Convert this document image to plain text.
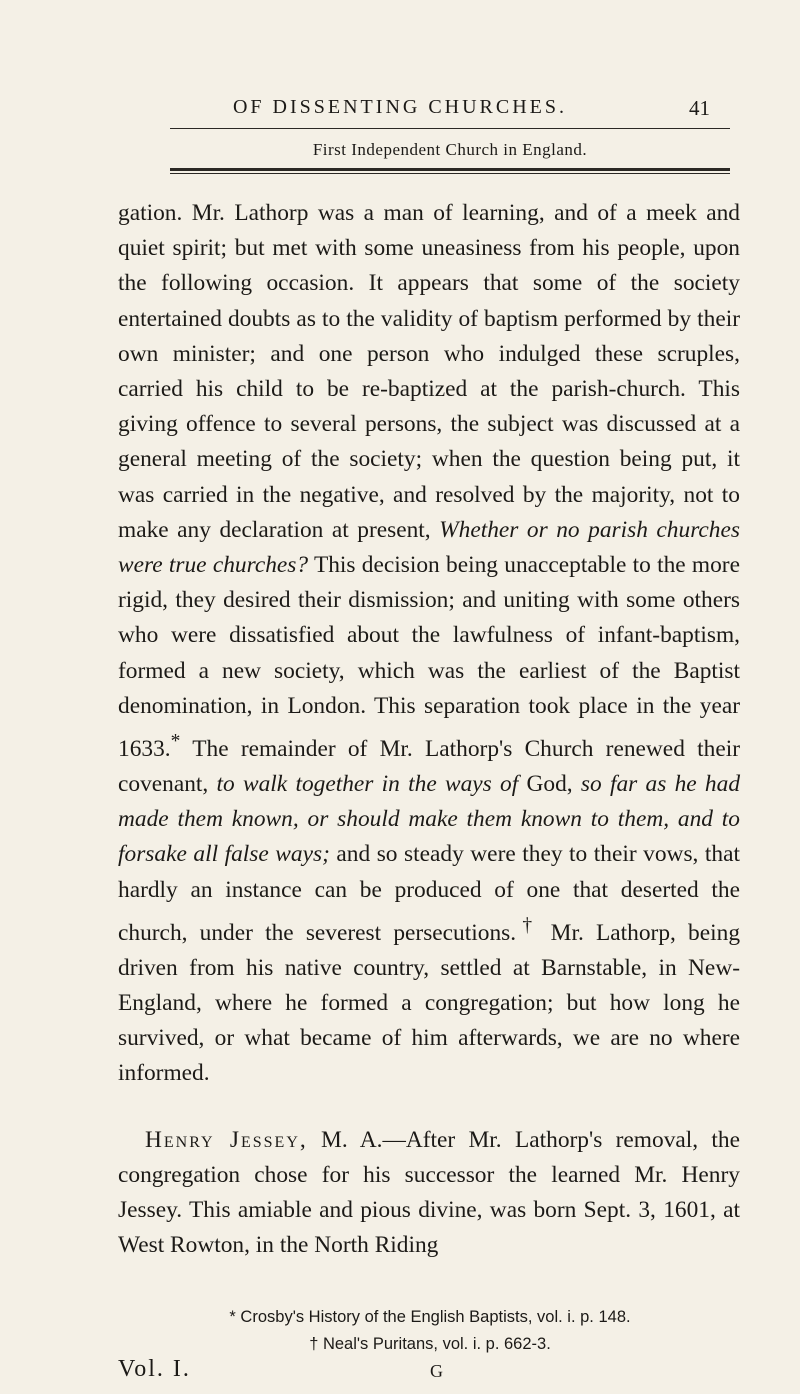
OF DISSENTING CHURCHES.	41
First Independent Church in England.

gation. Mr. Lathorp was a man of learning, and of a meek and quiet spirit; but met with some uneasiness from his people, upon the following occasion. It appears that some of the society entertained doubts as to the validity of baptism performed by their own minister; and one person who indulged these scruples, carried his child to be re-baptized at the parish-church. This giving offence to several persons, the subject was discussed at a general meeting of the society; when the question being put, it was carried in the negative, and resolved by the majority, not to make any declaration at present, Whether or no parish churches were true churches? This decision being unacceptable to the more rigid, they desired their dismission; and uniting with some others who were dissatisfied about the lawfulness of infant-baptism, formed a new society, which was the earliest of the Baptist denomination, in London. This separation took place in the year 1633.* The remainder of Mr. Lathorp's Church renewed their covenant, to walk together in the ways of God, so far as he had made them known, or should make them known to them, and to forsake all false ways; and so steady were they to their vows, that hardly an instance can be produced of one that deserted the church, under the severest persecutions.† Mr. Lathorp, being driven from his native country, settled at Barnstable, in New-England, where he formed a congregation; but how long he survived, or what became of him afterwards, we are no where informed.

Henry Jessey, M. A.—After Mr. Lathorp's removal, the congregation chose for his successor the learned Mr. Henry Jessey. This amiable and pious divine, was born Sept. 3, 1601, at West Rowton, in the North Riding

* Crosby's History of the English Baptists, vol. i. p. 148.
† Neal's Puritans, vol. i. p. 662-3.
Vol. I.	G
